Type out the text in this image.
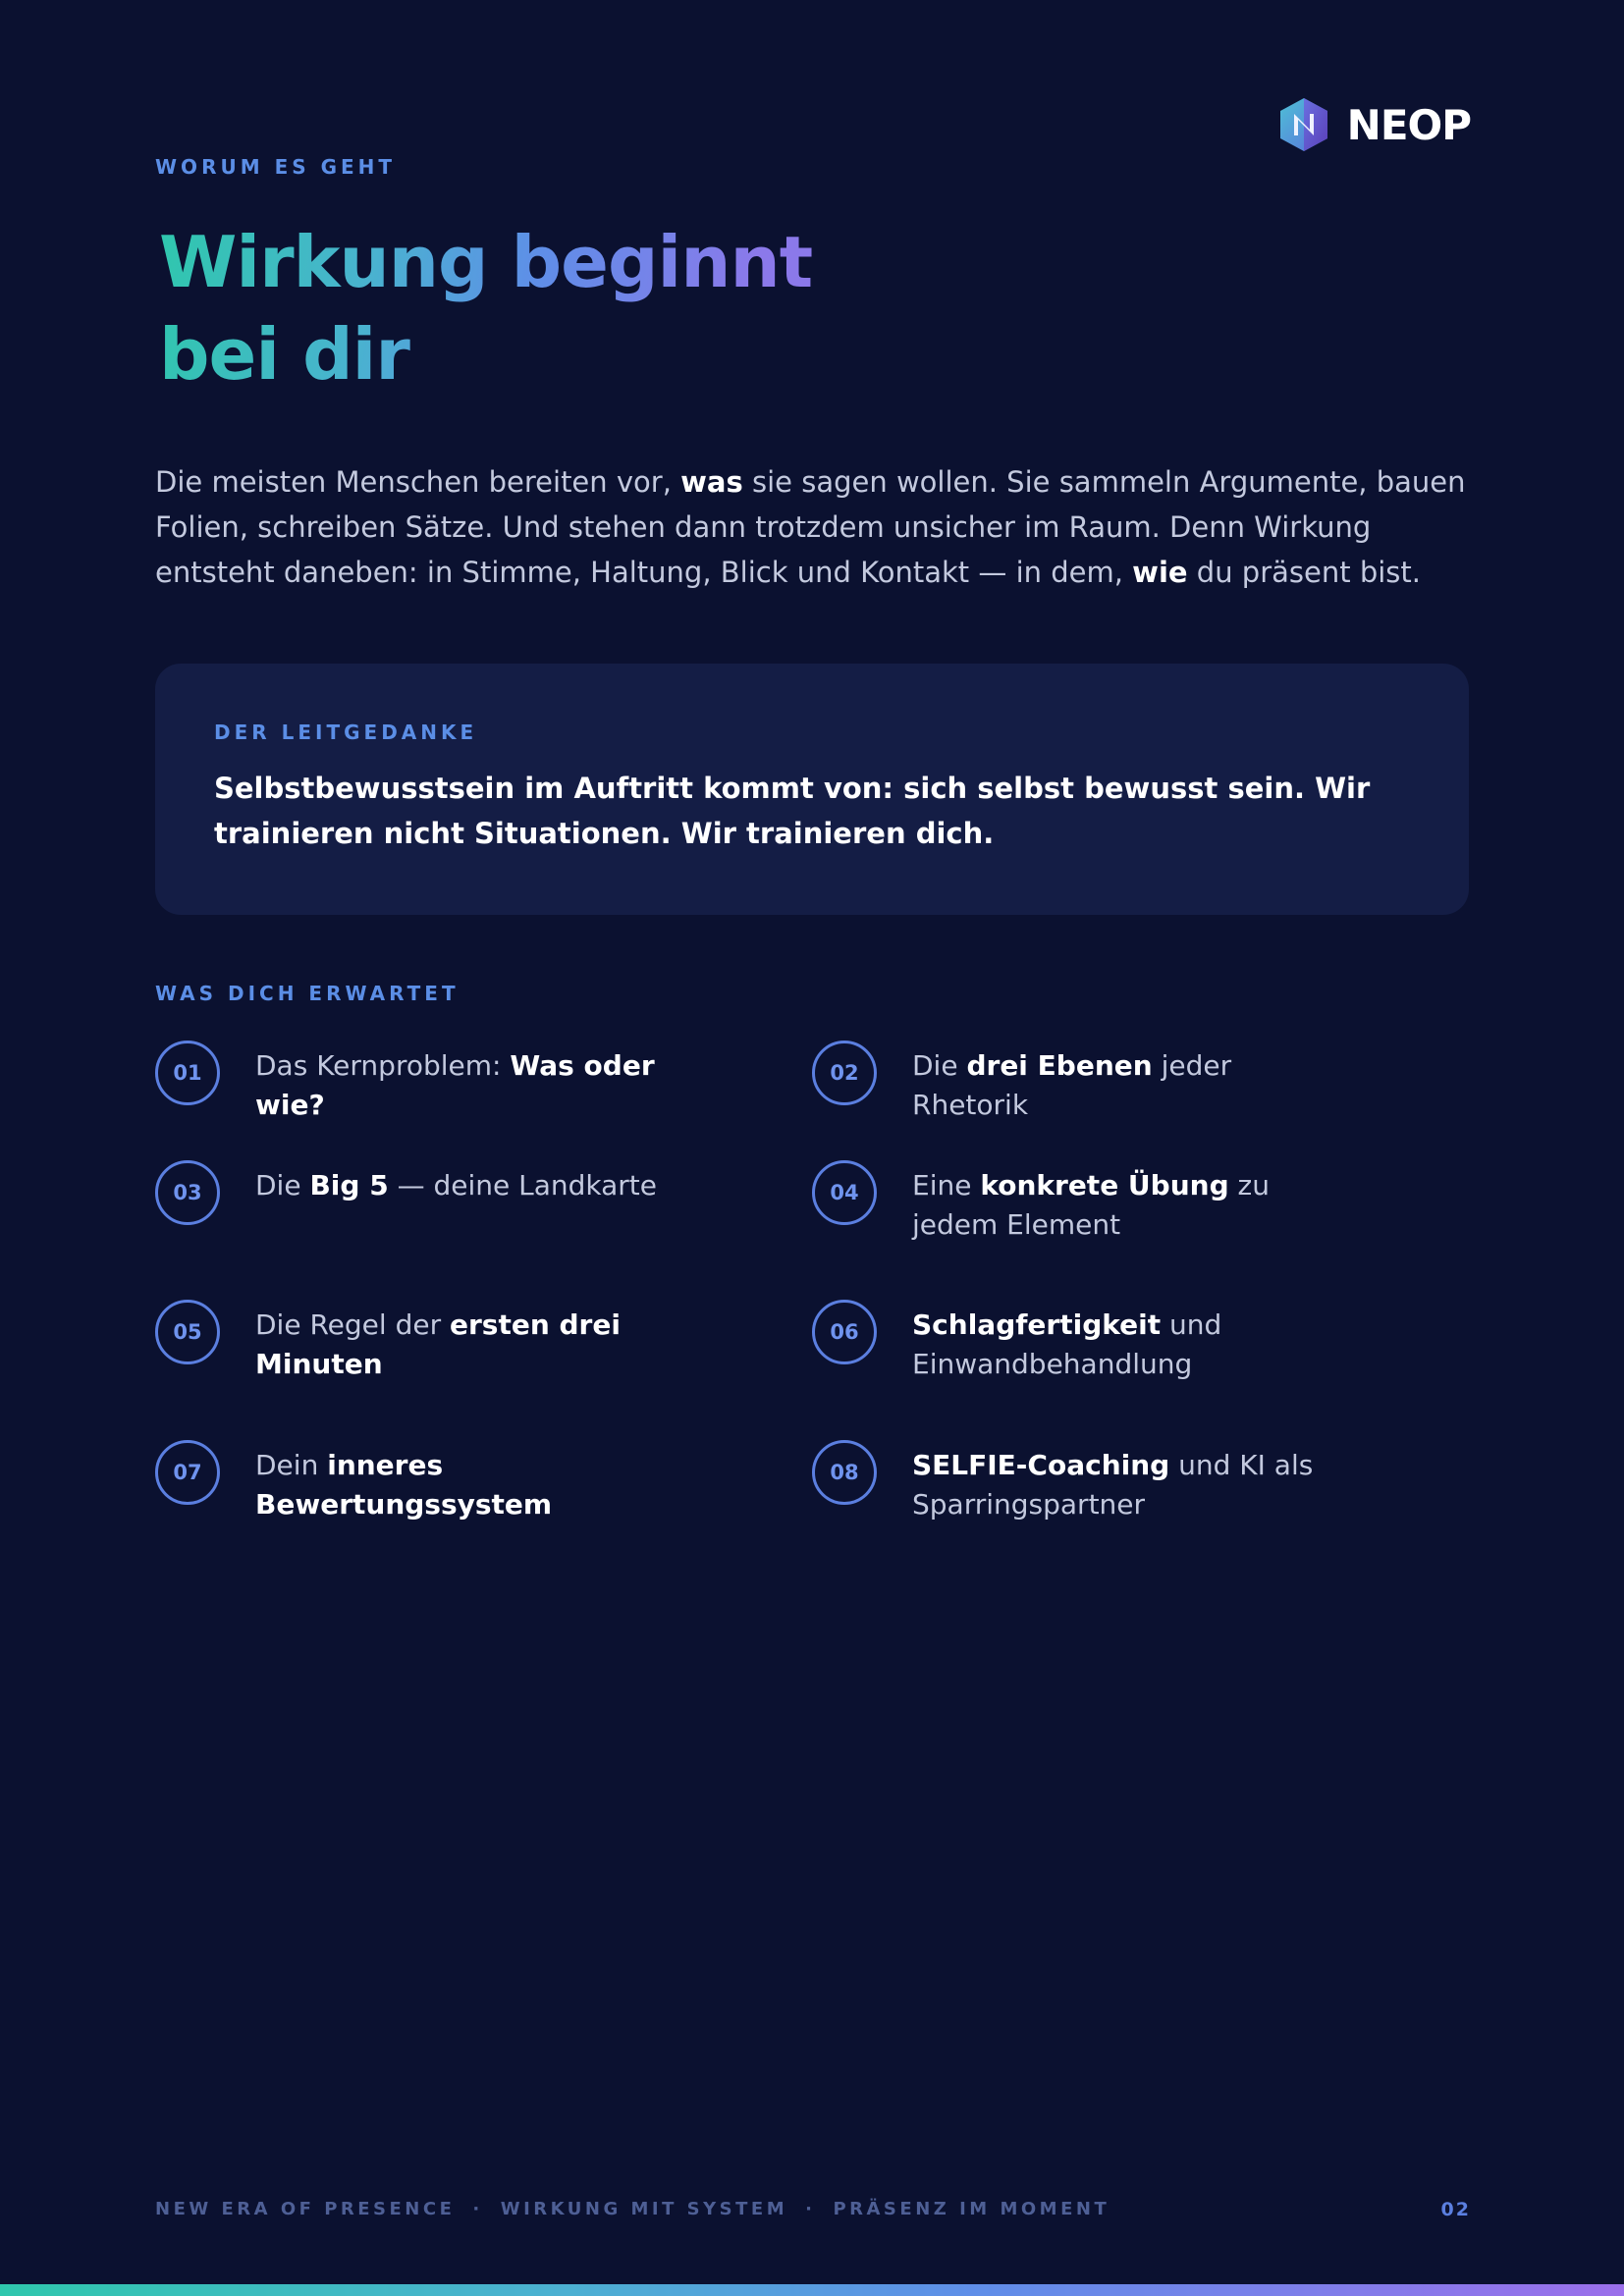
NEOP
WORUM ES GEHT
Wirkung beginnt
bei dir

Die meisten Menschen bereiten vor, was sie sagen wollen. Sie sammeln Argumente, bauen Folien, schreiben Sätze. Und stehen dann trotzdem unsicher im Raum. Denn Wirkung entsteht daneben: in Stimme, Haltung, Blick und Kontakt — in dem, wie du präsent bist.

DER LEITGEDANKE
Selbstbewusstsein im Auftritt kommt von: sich selbst bewusst sein. Wir trainieren nicht Situationen. Wir trainieren dich.
WAS DICH ERWARTET
01	Das Kernproblem: Was oder wie?
02	Die drei Ebenen jeder Rhetorik
03	Die Big 5 — deine Landkarte	04	Eine konkrete Übung zu jedem Element
05	Die Regel der ersten drei Minuten
06	Schlagfertigkeit und Einwandbehandlung
07	Dein inneres Bewertungssystem
08	SELFIE-Coaching und KI als Sparringspartner
NEW ERA OF PRESENCE · WIRKUNG MIT SYSTEM · PRÄSENZ IM MOMENT	02
